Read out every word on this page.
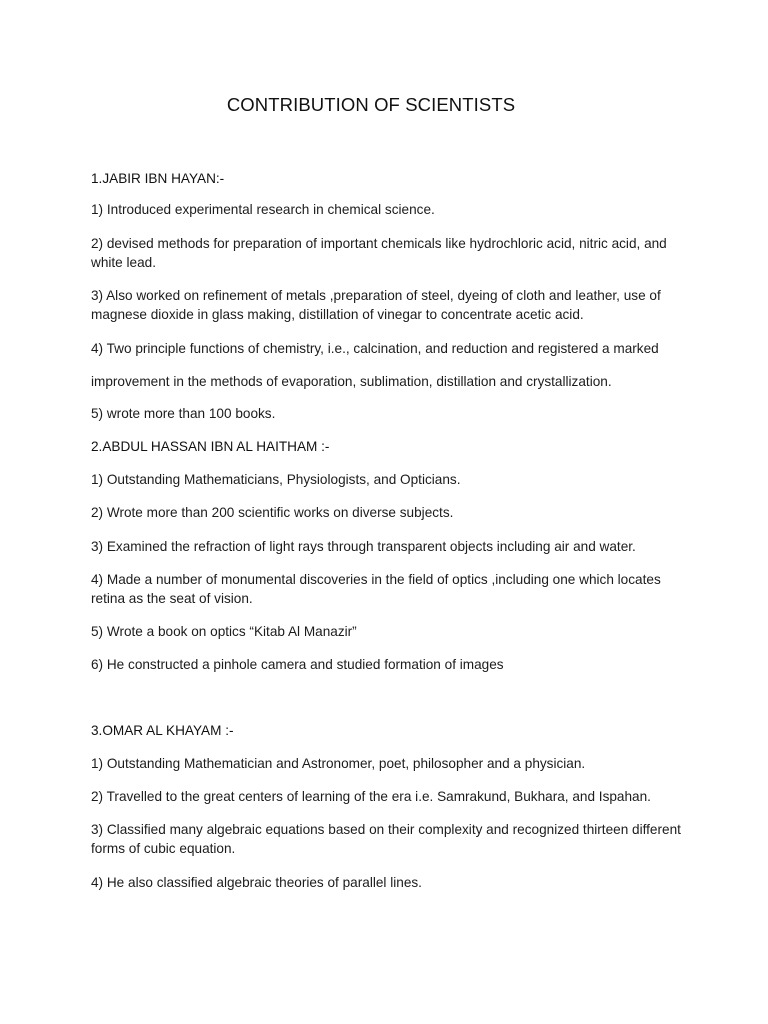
CONTRIBUTION OF SCIENTISTS
1.JABIR IBN HAYAN:-
1) Introduced experimental research in chemical science.
2) devised methods for preparation of important chemicals like hydrochloric acid, nitric acid, and white lead.
3) Also worked on refinement of metals ,preparation of steel, dyeing of cloth and leather, use of magnese dioxide in glass making, distillation of vinegar to concentrate acetic acid.
4) Two principle functions of chemistry, i.e., calcination, and reduction and registered a marked
improvement in the methods of evaporation, sublimation, distillation and crystallization.
5) wrote more than 100 books.
2.ABDUL HASSAN IBN AL HAITHAM :-
1) Outstanding Mathematicians, Physiologists, and Opticians.
2) Wrote more than 200 scientific works on diverse subjects.
3) Examined the refraction of light rays through transparent objects including air and water.
4) Made a number of monumental discoveries in the field of optics ,including one which locates retina as the seat of vision.
5) Wrote a book on optics “Kitab Al Manazir”
6) He constructed a pinhole camera and studied formation of images
3.OMAR AL KHAYAM :-
1) Outstanding Mathematician and Astronomer, poet, philosopher and a physician.
2) Travelled to the great centers of learning of the era i.e. Samrakund, Bukhara, and Ispahan.
3) Classified many algebraic equations based on their complexity and recognized thirteen different forms of cubic equation.
4) He also classified algebraic theories of parallel lines.
